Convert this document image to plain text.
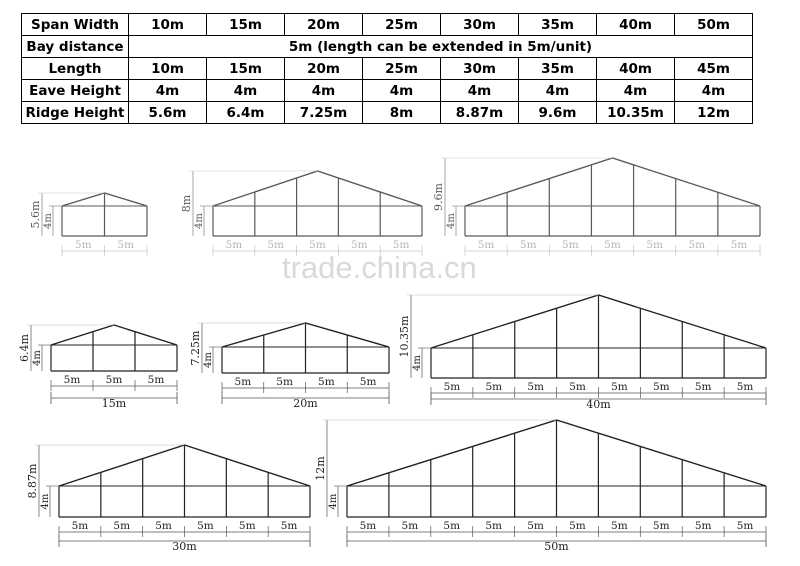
Span Width	10m	15m	20m	25m	30m	35m	40m	50m
Bay distance	5m (length can be extended in 5m/unit)							
Length	10m	15m	20m	25m	30m	35m	40m	45m
Eave Height	4m	4m	4m	4m	4m	4m	4m	4m
Ridge Height	5.6m	6.4m	7.25m	8m	8.87m	9.6m	10.35m	12m
5.6m 4m
8m
4m
9.6m
4m
5m 5m 5m
15m
6.4m 4m
5m 5m 5m 5m
20m
7.25m 4m
5m 5m 5m 5m 5m 5m 5m 5m
40m
10.35m
4m
5m 5m 5m 5m 5m 5m
30m
8.87m
4m
5m 5m 5m 5m 5m 5m 5m 5m 5m 5m
50m
12m
4m
trade.china.cn
